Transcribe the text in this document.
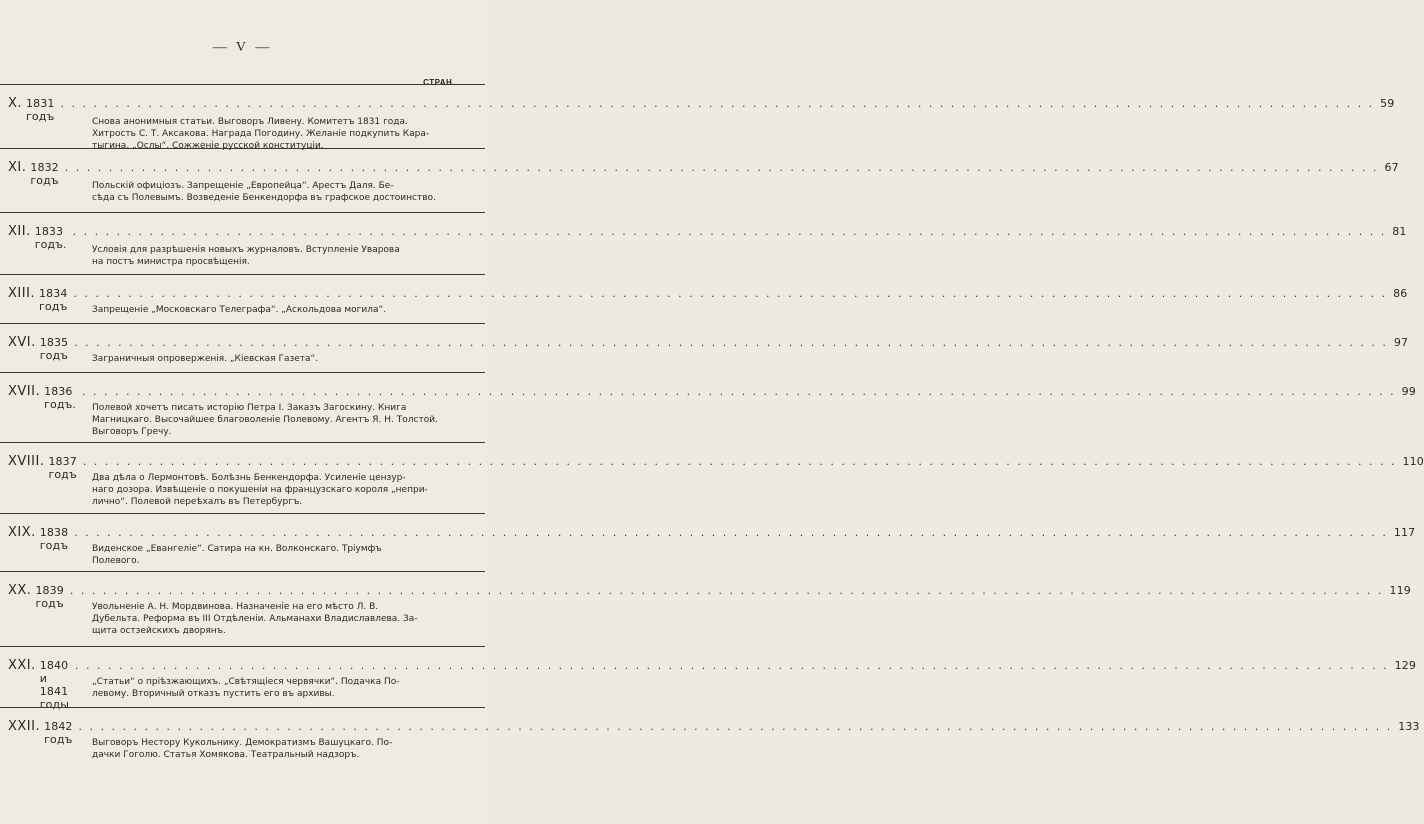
— V —
СТРАН.
X. 1831 годъ
. . . . . . . . . . . . . . . . . . . . . . . . . . . . . . . . . . . . . . . . . . . . . . . . . . . . . . . . . . . . . . . . . . . . . . . . . . . . . . . . . . . . . . . . . . . . . . . . . . . . . . . . . . . . . . . . . . . . . . . . 59
Снова анонимныя статьи. Выговоръ Ливену. Комитетъ 1831 года.
Хитрость С. Т. Аксакова. Награда Погодину. Желаніе подкупить Кара-
тыгина. „Ослы“. Сожженіе русской конституціи.
XI. 1832 годъ
. . . . . . . . . . . . . . . . . . . . . . . . . . . . . . . . . . . . . . . . . . . . . . . . . . . . . . . . . . . . . . . . . . . . . . . . . . . . . . . . . . . . . . . . . . . . . . . . . . . . . . . . . . . . . . . . . . . . . . . . 67
Польскій офиціозъ. Запрещеніе „Европейца“. Арестъ Даля. Бе-
сѣда съ Полевымъ. Возведеніе Бенкендорфа въ графское достоинство.
XII. 1833 годъ.
. . . . . . . . . . . . . . . . . . . . . . . . . . . . . . . . . . . . . . . . . . . . . . . . . . . . . . . . . . . . . . . . . . . . . . . . . . . . . . . . . . . . . . . . . . . . . . . . . . . . . . . . . . . . . . . . . . . . . . . . 81
Условія для разрѣшенія новыхъ журналовъ. Вступленіе Уварова
на постъ министра просвѣщенія.
XIII. 1834 годъ
. . . . . . . . . . . . . . . . . . . . . . . . . . . . . . . . . . . . . . . . . . . . . . . . . . . . . . . . . . . . . . . . . . . . . . . . . . . . . . . . . . . . . . . . . . . . . . . . . . . . . . . . . . . . . . . . . . . . . . . . 86
Запрещеніе „Московскаго Телеграфа“. „Аскольдова могила“.
XVI. 1835 годъ
. . . . . . . . . . . . . . . . . . . . . . . . . . . . . . . . . . . . . . . . . . . . . . . . . . . . . . . . . . . . . . . . . . . . . . . . . . . . . . . . . . . . . . . . . . . . . . . . . . . . . . . . . . . . . . . . . . . . . . . . 97
Заграничныя опроверженія. „Кіевская Газета“.
XVII. 1836 годъ.
. . . . . . . . . . . . . . . . . . . . . . . . . . . . . . . . . . . . . . . . . . . . . . . . . . . . . . . . . . . . . . . . . . . . . . . . . . . . . . . . . . . . . . . . . . . . . . . . . . . . . . . . . . . . . . . . . . . . . . . . 99
Полевой хочетъ писать исторію Петра I. Заказъ Загоскину. Книга
Магницкаго. Высочайшее благоволеніе Полевому. Агентъ Я. Н. Толстой.
Выговоръ Гречу.
XVIII. 1837 годъ
. . . . . . . . . . . . . . . . . . . . . . . . . . . . . . . . . . . . . . . . . . . . . . . . . . . . . . . . . . . . . . . . . . . . . . . . . . . . . . . . . . . . . . . . . . . . . . . . . . . . . . . . . . . . . . . . . . . . . . . . 110
Два дѣла о Лермонтовѣ. Болѣзнь Бенкендорфа. Усиленіе цензур-
наго дозора. Извѣщеніе о покушеніи на французскаго короля „непри-
лично“. Полевой переѣхалъ въ Петербургъ.
XIX. 1838 годъ
. . . . . . . . . . . . . . . . . . . . . . . . . . . . . . . . . . . . . . . . . . . . . . . . . . . . . . . . . . . . . . . . . . . . . . . . . . . . . . . . . . . . . . . . . . . . . . . . . . . . . . . . . . . . . . . . . . . . . . . . 117
Виденское „Евангеліе“. Сатира на кн. Волконскаго. Тріумфъ
Полевого.
XX. 1839 годъ
. . . . . . . . . . . . . . . . . . . . . . . . . . . . . . . . . . . . . . . . . . . . . . . . . . . . . . . . . . . . . . . . . . . . . . . . . . . . . . . . . . . . . . . . . . . . . . . . . . . . . . . . . . . . . . . . . . . . . . . . 119
Увольненіе А. Н. Мордвинова. Назначеніе на его мѣсто Л. В.
Дубельта. Реформа въ III Отдѣленіи. Альманахи Владиславлева. За-
щита остзейскихъ дворянъ.
XXI. 1840 и 1841 годы
. . . . . . . . . . . . . . . . . . . . . . . . . . . . . . . . . . . . . . . . . . . . . . . . . . . . . . . . . . . . . . . . . . . . . . . . . . . . . . . . . . . . . . . . . . . . . . . . . . . . . . . . . . . . . . . . . . . . . . . . 129
„Статьи“ о пріѣзжающихъ. „Свѣтящіеся червячки“. Подачка По-
левому. Вторичный отказъ пустить его въ архивы.
XXII. 1842 годъ
. . . . . . . . . . . . . . . . . . . . . . . . . . . . . . . . . . . . . . . . . . . . . . . . . . . . . . . . . . . . . . . . . . . . . . . . . . . . . . . . . . . . . . . . . . . . . . . . . . . . . . . . . . . . . . . . . . . . . . . . 133
Выговоръ Нестору Кукольнику. Демократизмъ Вашуцкаго. По-
дачки Гоголю. Статья Хомякова. Театральный надзоръ.
